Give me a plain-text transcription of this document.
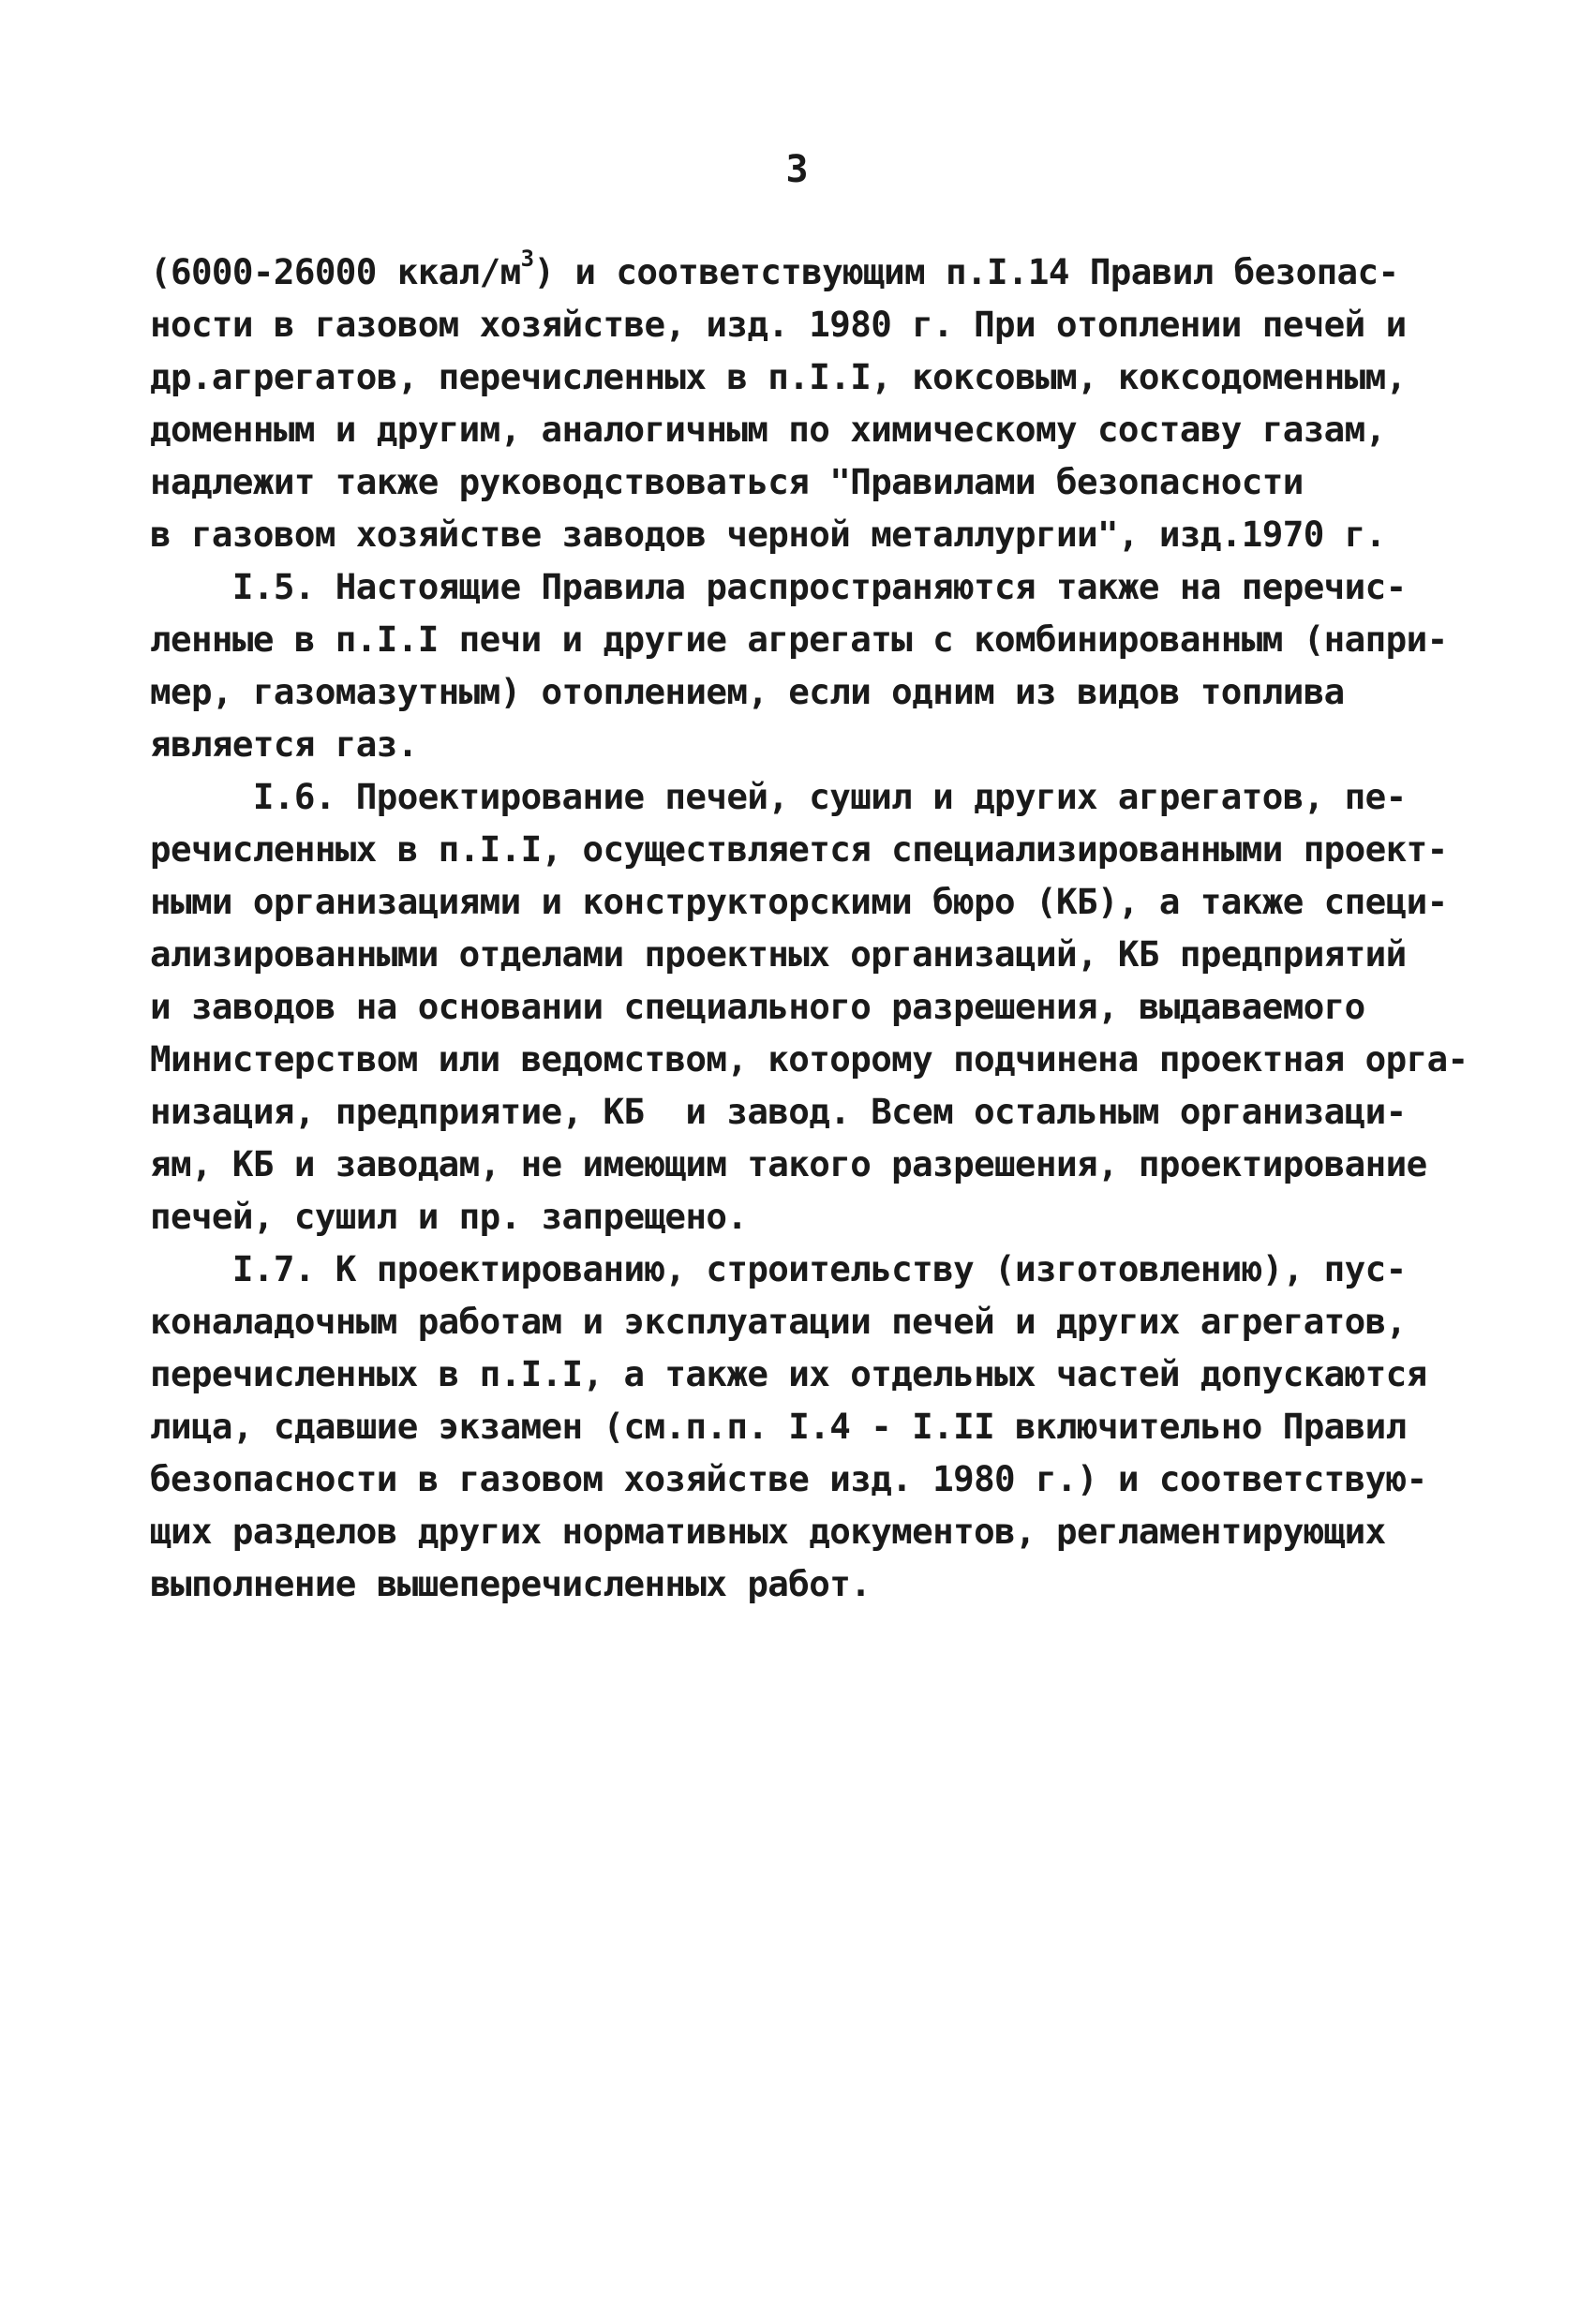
3
(6000-26000 ккал/$м^3$) и соответствующим п.I.14 Правил безопас-
ности в газовом хозяйстве, изд. 1980 г. При отоплении печей и
др.агрегатов, перечисленных в п.I.I, коксовым, коксодоменным,
доменным и другим, аналогичным по химическому составу газам,
надлежит также руководствоваться "Правилами безопасности
в газовом хозяйстве заводов черной металлургии", изд.1970 г.
I.5. Настоящие Правила распространяются также на перечис-
ленные в п.I.I печи и другие агрегаты с комбинированным (напри-
мер, газомазутным) отоплением, если одним из видов топлива
является газ.
I.6. Проектирование печей, сушил и других агрегатов, пе-
речисленных в п.I.I, осуществляется специализированными проект-
ными организациями и конструкторскими бюро (КБ), а также специ-
ализированными отделами проектных организаций, КБ предприятий
и заводов на основании специального разрешения, выдаваемого
Министерством или ведомством, которому подчинена проектная орга-
низация, предприятие, КБ  и завод. Всем остальным организаци-
ям, КБ и заводам, не имеющим такого разрешения, проектирование
печей, сушил и пр. запрещено.
I.7. К проектированию, строительству (изготовлению), пус-
коналадочным работам и эксплуатации печей и других агрегатов,
перечисленных в п.I.I, а также их отдельных частей допускаются
лица, сдавшие экзамен (см.п.п. I.4 - I.II включительно Правил
безопасности в газовом хозяйстве изд. 1980 г.) и соответствую-
щих разделов других нормативных документов, регламентирующих
выполнение вышеперечисленных работ.
